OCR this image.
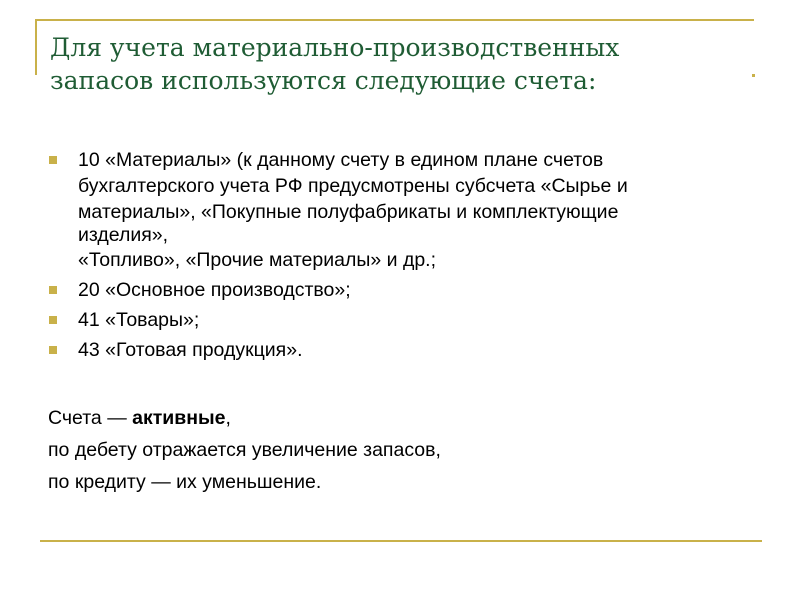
Для учета материально-производственных
запасов используются следующие счета:
10 «Материалы» (к данному счету в едином плане счетов
бухгалтерского учета РФ предусмотрены субсчета «Сырье и
материалы», «Покупные полуфабрикаты и комплектующие
изделия»,
«Топливо», «Прочие материалы» и др.;
20 «Основное производство»;
41 «Товары»;
43 «Готовая продукция».
Счета — активные,
по дебету отражается увеличение запасов,
по кредиту — их уменьшение.
